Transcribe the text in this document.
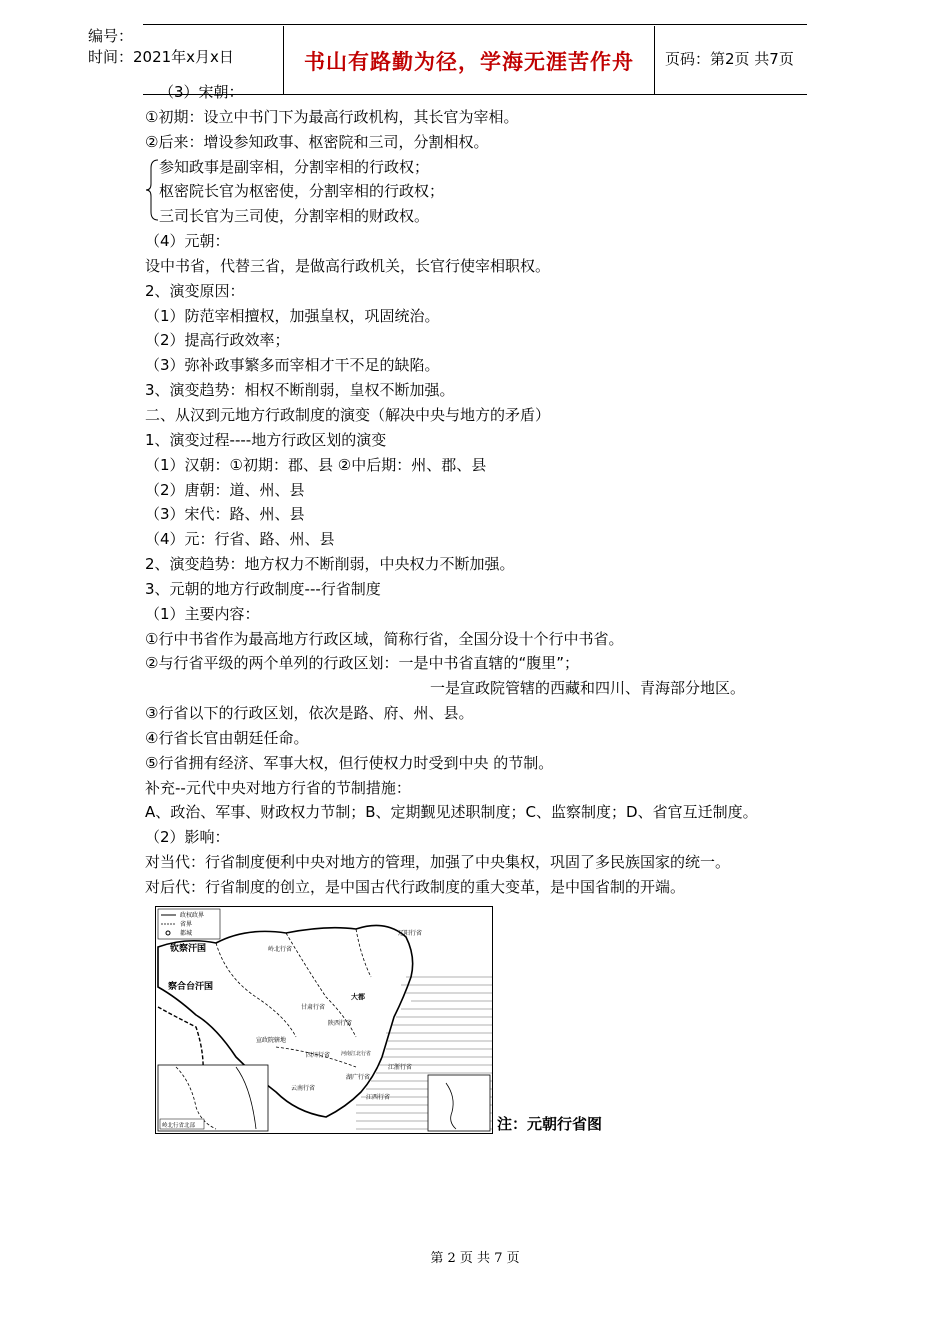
编号：
时间：2021年x月x日	书山有路勤为径，学海无涯苦作舟	页码：第2页 共7页
（3）宋朝：
①初期：设立中书门下为最高行政机构，其长官为宰相。
②后来：增设参知政事、枢密院和三司，分割相权。
参知政事是副宰相，分割宰相的行政权；
枢密院长官为枢密使，分割宰相的行政权；
三司长官为三司使，分割宰相的财政权。
（4）元朝：
设中书省，代替三省，是做高行政机关，长官行使宰相职权。
2、演变原因：
（1）防范宰相擅权，加强皇权，巩固统治。
（2）提高行政效率；
（3）弥补政事繁多而宰相才干不足的缺陷。
3、演变趋势：相权不断削弱，皇权不断加强。
二、从汉到元地方行政制度的演变（解决中央与地方的矛盾）
1、演变过程----地方行政区划的演变
（1）汉朝：①初期：郡、县 ②中后期：州、郡、县
（2）唐朝：道、州、县
（3）宋代：路、州、县
（4）元：行省、路、州、县
2、演变趋势：地方权力不断削弱，中央权力不断加强。
3、元朝的地方行政制度---行省制度
（1）主要内容：
①行中书省作为最高地方行政区域，简称行省，全国分设十个行中书省。
②与行省平级的两个单列的行政区划：一是中书省直辖的“腹里”；
一是宣政院管辖的西藏和四川、青海部分地区。
③行省以下的行政区划，依次是路、府、州、县。
④行省长官由朝廷任命。
⑤行省拥有经济、军事大权，但行使权力时受到中央 的节制。
补充--元代中央对地方行省的节制措施：
A、政治、军事、财政权力节制；B、定期觐见述职制度；C、监察制度；D、省官互迁制度。
（2）影响：
对当代：行省制度便利中央对地方的管理，加强了中央集权，巩固了多民族国家的统一。
对后代：行省制度的创立，是中国古代行政制度的重大变革，是中国省制的开端。
政权政界
省界
都城
钦察汗国
察合台汗国
岭北行省
辽阳行省
甘肃行省
大都
陕西行省
宣政院辖地
四川行省 河南江北行省
江浙行省
湖广行省
云南行省
江西行省
岭北行省北部	注：元朝行省图
第 2 页 共 7 页
